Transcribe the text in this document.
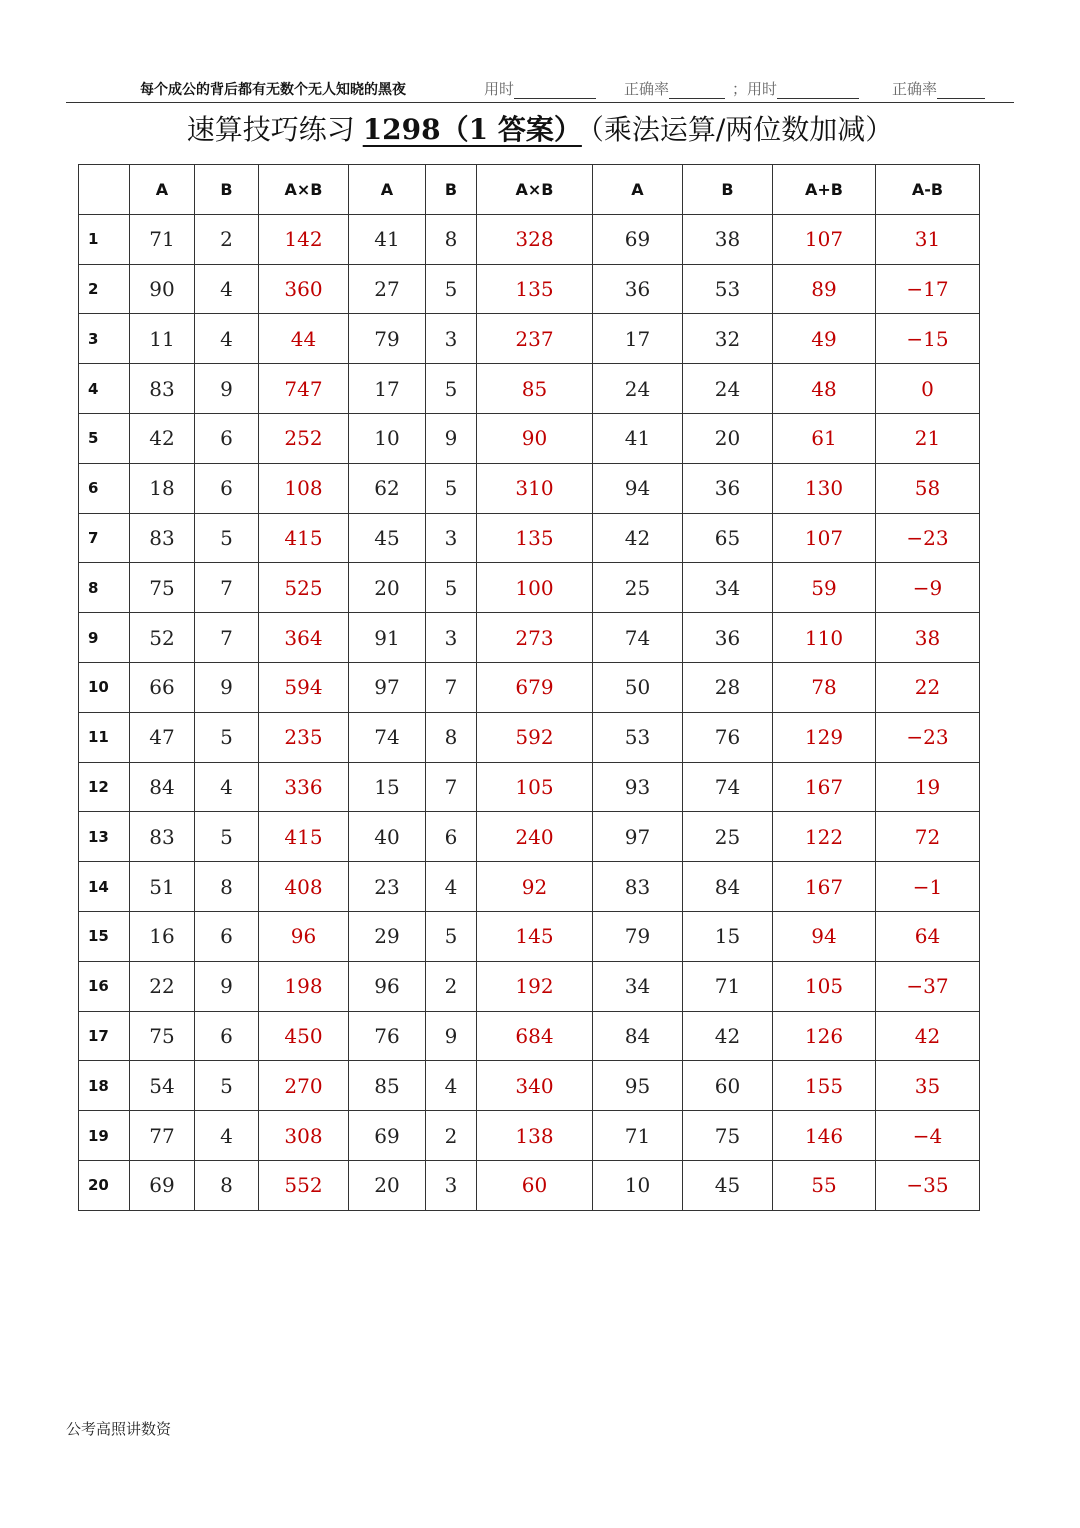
每个成公的背后都有无数个无人知晓的黑夜	用时	正确率	；用时	正确率
速算技巧练习 1298（1 答案） （乘法运算/两位数加减）
	A	B	A×B	A	B	A×B	A	B	A+B	A-B
1	71	2	142	41	8	328	69	38	107	31
2	90	4	360	27	5	135	36	53	89	−17
3	11	4	44	79	3	237	17	32	49	−15
4	83	9	747	17	5	85	24	24	48	0
5	42	6	252	10	9	90	41	20	61	21
6	18	6	108	62	5	310	94	36	130	58
7	83	5	415	45	3	135	42	65	107	−23
8	75	7	525	20	5	100	25	34	59	−9
9	52	7	364	91	3	273	74	36	110	38
10	66	9	594	97	7	679	50	28	78	22
11	47	5	235	74	8	592	53	76	129	−23
12	84	4	336	15	7	105	93	74	167	19
13	83	5	415	40	6	240	97	25	122	72
14	51	8	408	23	4	92	83	84	167	−1
15	16	6	96	29	5	145	79	15	94	64
16	22	9	198	96	2	192	34	71	105	−37
17	75	6	450	76	9	684	84	42	126	42
18	54	5	270	85	4	340	95	60	155	35
19	77	4	308	69	2	138	71	75	146	−4
20	69	8	552	20	3	60	10	45	55	−35
公考高照讲数资
